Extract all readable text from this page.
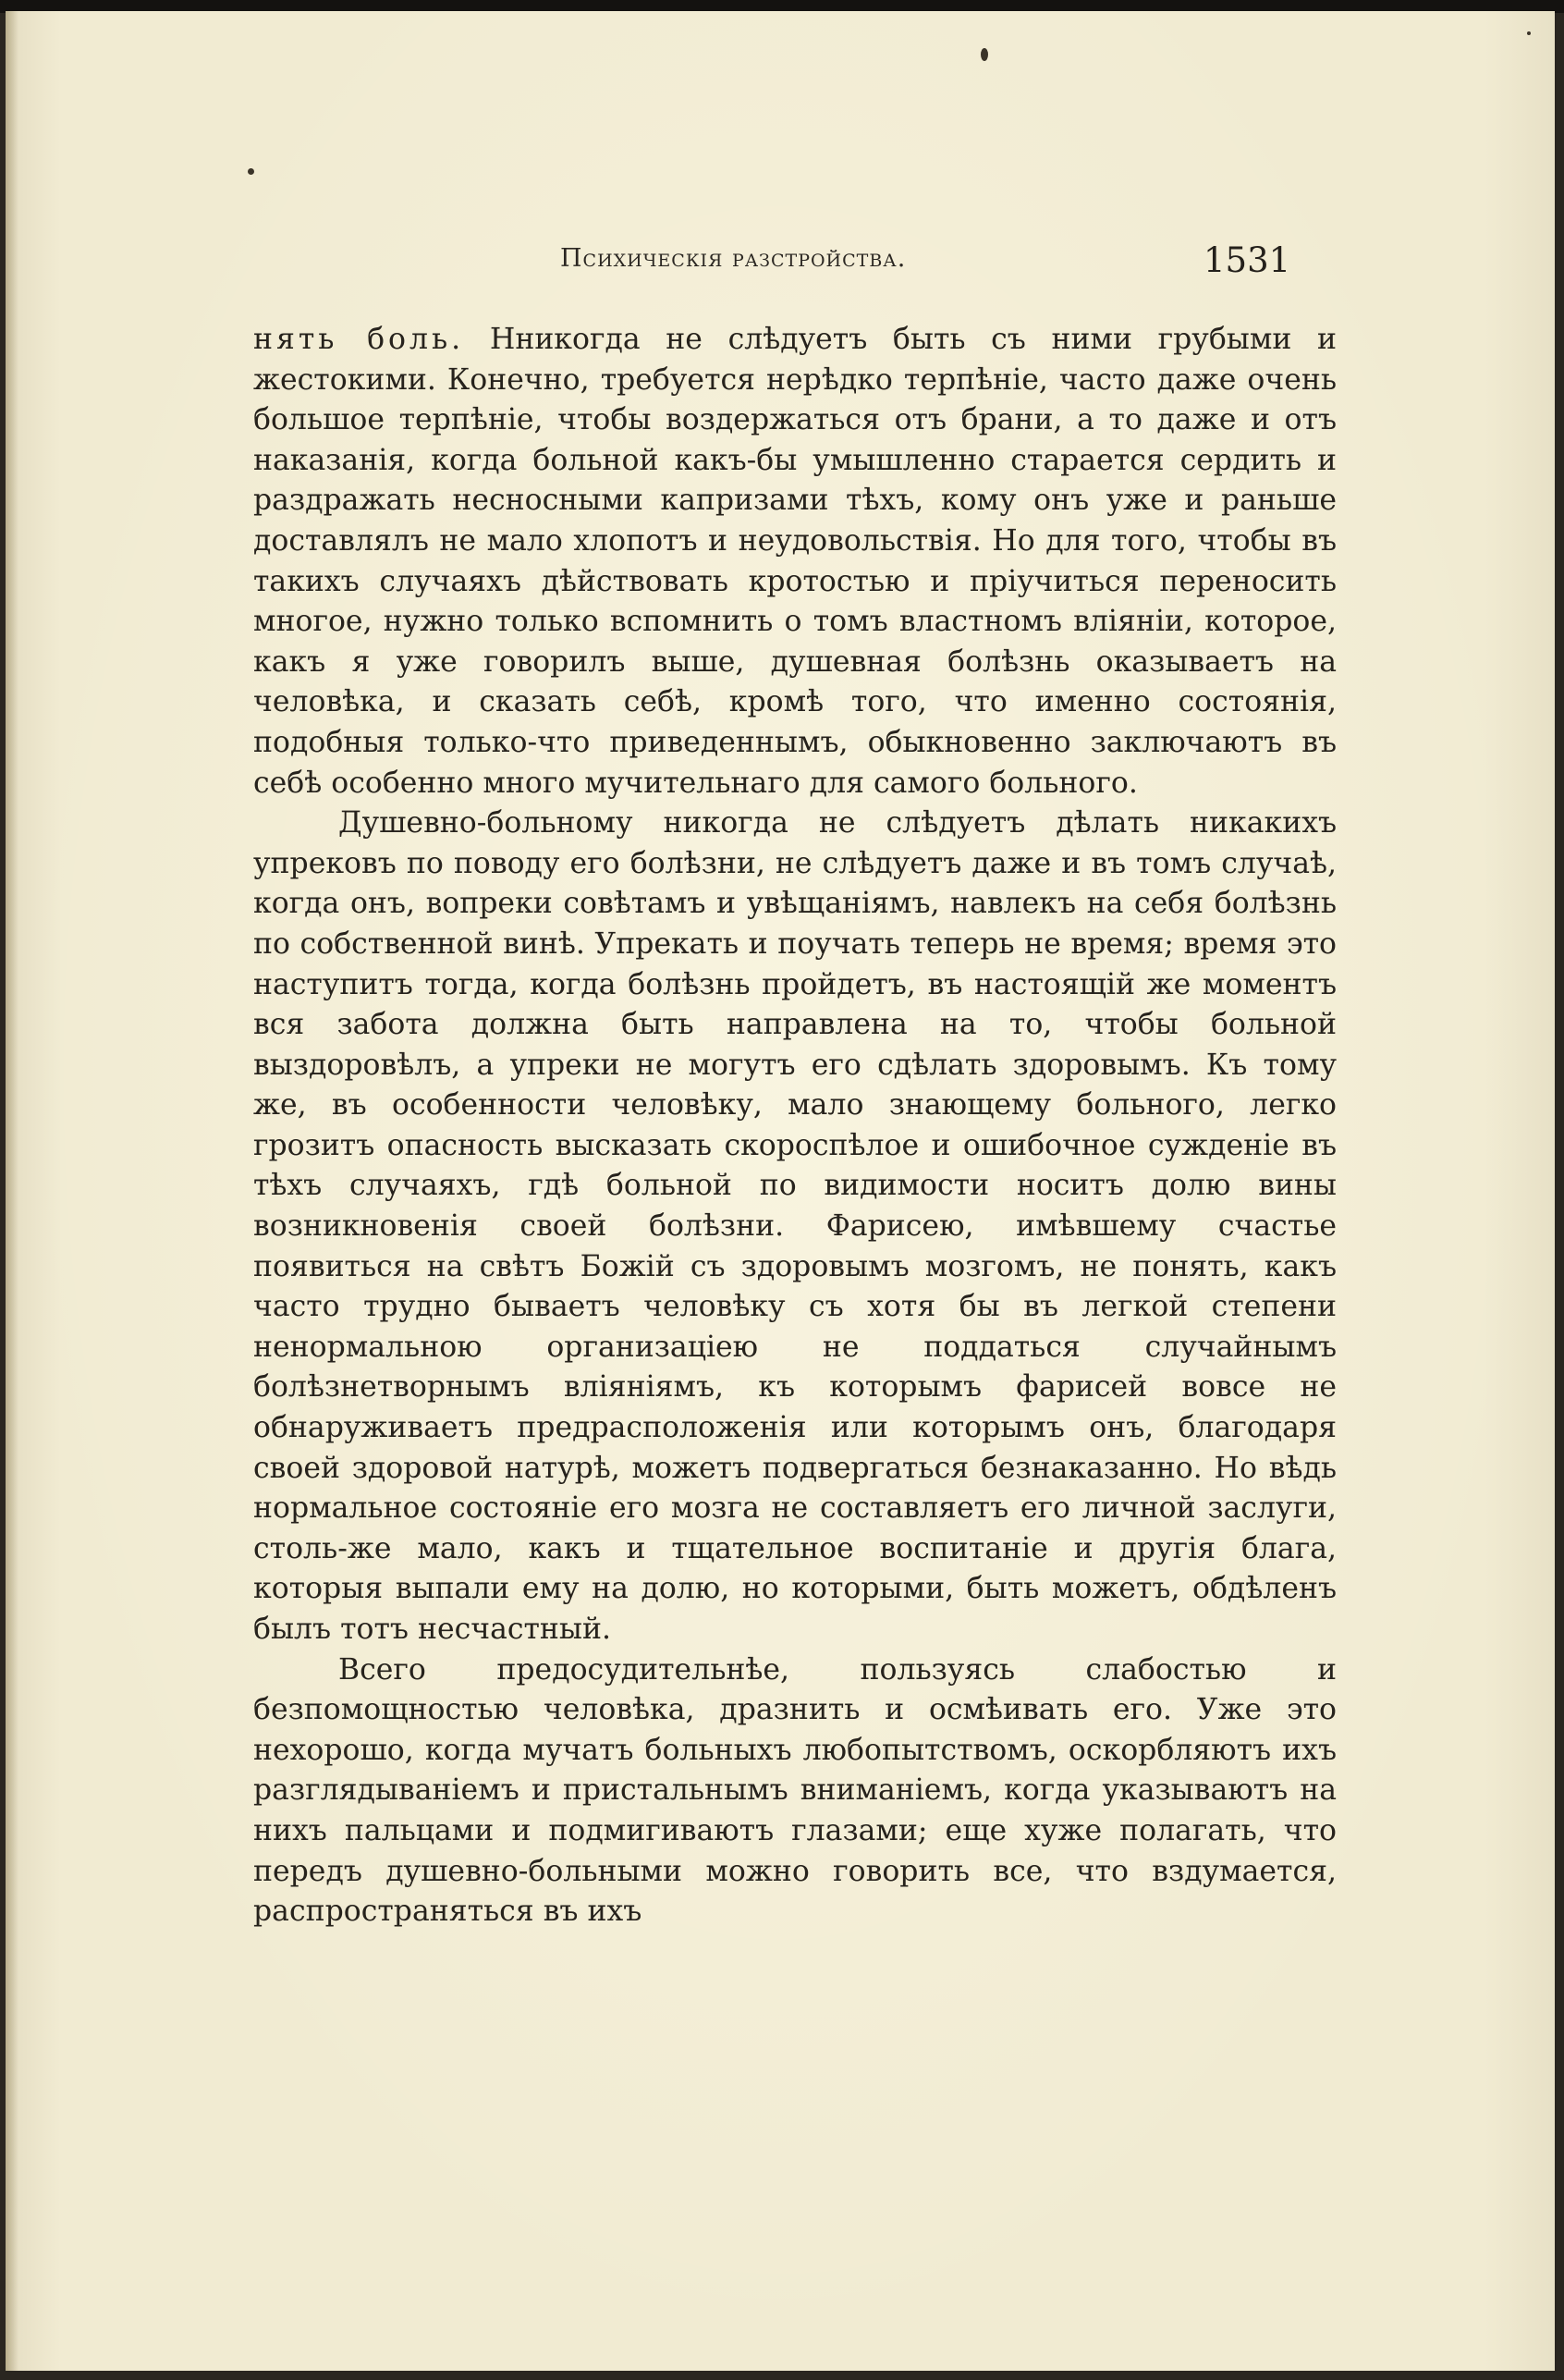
Психическія разстройства.	1531

нять боль. Нникогда не слѣдуетъ быть съ ними грубыми и жестокими. Конечно, требуется нерѣдко терпѣніе, часто даже очень большое терпѣніе, чтобы воздержаться отъ брани, а то даже и отъ наказанія, когда больной какъ-бы умышленно старается сердить и раздражать несносными капризами тѣхъ, кому онъ уже и раньше доставлялъ не мало хлопотъ и неудовольствія. Но для того, чтобы въ такихъ случаяхъ дѣйствовать кротостью и пріучиться переносить многое, нужно только вспомнить о томъ властномъ вліяніи, которое, какъ я уже говорилъ выше, душевная болѣзнь оказываетъ на человѣка, и сказать себѣ, кромѣ того, что именно состоянія, подобныя только-что приведеннымъ, обыкновенно заключаютъ въ себѣ особенно много мучительнаго для самого больного.

Душевно-больному никогда не слѣдуетъ дѣлать никакихъ упрековъ по поводу его болѣзни, не слѣдуетъ даже и въ томъ случаѣ, когда онъ, вопреки совѣтамъ и увѣщаніямъ, навлекъ на себя болѣзнь по собственной винѣ. Упрекать и поучать теперь не время; время это наступитъ тогда, когда болѣзнь пройдетъ, въ настоящій же моментъ вся забота должна быть направлена на то, чтобы больной выздоровѣлъ, а упреки не могутъ его сдѣлать здоровымъ. Къ тому же, въ особенности человѣку, мало знающему больного, легко грозитъ опасность высказать скороспѣлое и ошибочное сужденіе въ тѣхъ случаяхъ, гдѣ больной по видимости носитъ долю вины возникновенія своей болѣзни. Фарисею, имѣвшему счастье появиться на свѣтъ Божій съ здоровымъ мозгомъ, не понять, какъ часто трудно бываетъ человѣку съ хотя бы въ легкой степени ненормальною организаціею не поддаться случайнымъ болѣзнетворнымъ вліяніямъ, къ которымъ фарисей вовсе не обнаруживаетъ предрасположенія или которымъ онъ, благодаря своей здоровой натурѣ, можетъ подвергаться безнаказанно. Но вѣдь нормальное состояніе его мозга не составляетъ его личной заслуги, столь-же мало, какъ и тщательное воспитаніе и другія блага, которыя выпали ему на долю, но которыми, быть можетъ, обдѣленъ былъ тотъ несчастный.

Всего предосудительнѣе, пользуясь слабостью и безпомощностью человѣка, дразнить и осмѣивать его. Уже это нехорошо, когда мучатъ больныхъ любопытствомъ, оскорбляютъ ихъ разглядываніемъ и пристальнымъ вниманіемъ, когда указываютъ на нихъ пальцами и подмигиваютъ глазами; еще хуже полагать, что передъ душевно-больными можно говорить все, что вздумается, распространяться въ ихъ
